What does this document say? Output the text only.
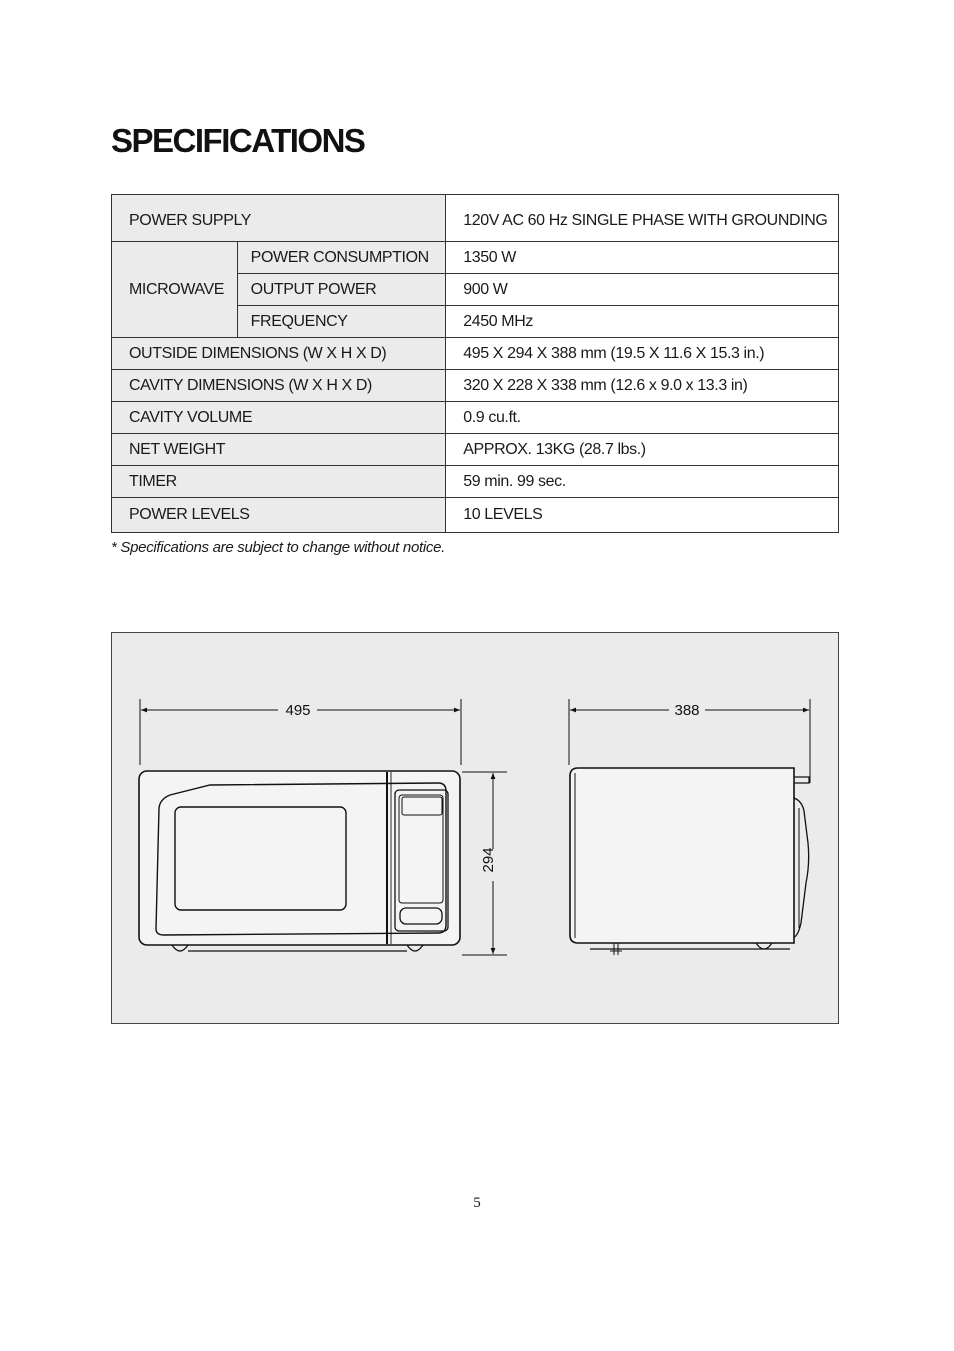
SPECIFICATIONS
POWER SUPPLY		120V AC 60 Hz SINGLE PHASE WITH GROUNDING
MICROWAVE	POWER CONSUMPTION	1350 W
	OUTPUT POWER	900 W
	FREQUENCY	2450 MHz
OUTSIDE DIMENSIONS (W X H X D)		495 X 294 X 388 mm (19.5 X 11.6 X 15.3 in.)
CAVITY DIMENSIONS (W X H X D)		320 X 228 X 338 mm (12.6 x 9.0 x 13.3 in)
CAVITY VOLUME		0.9 cu.ft.
NET WEIGHT		APPROX. 13KG (28.7 lbs.)
TIMER		59 min. 99 sec.
POWER LEVELS		10 LEVELS

* Specifications are subject to change without notice.

495
294
388
5
